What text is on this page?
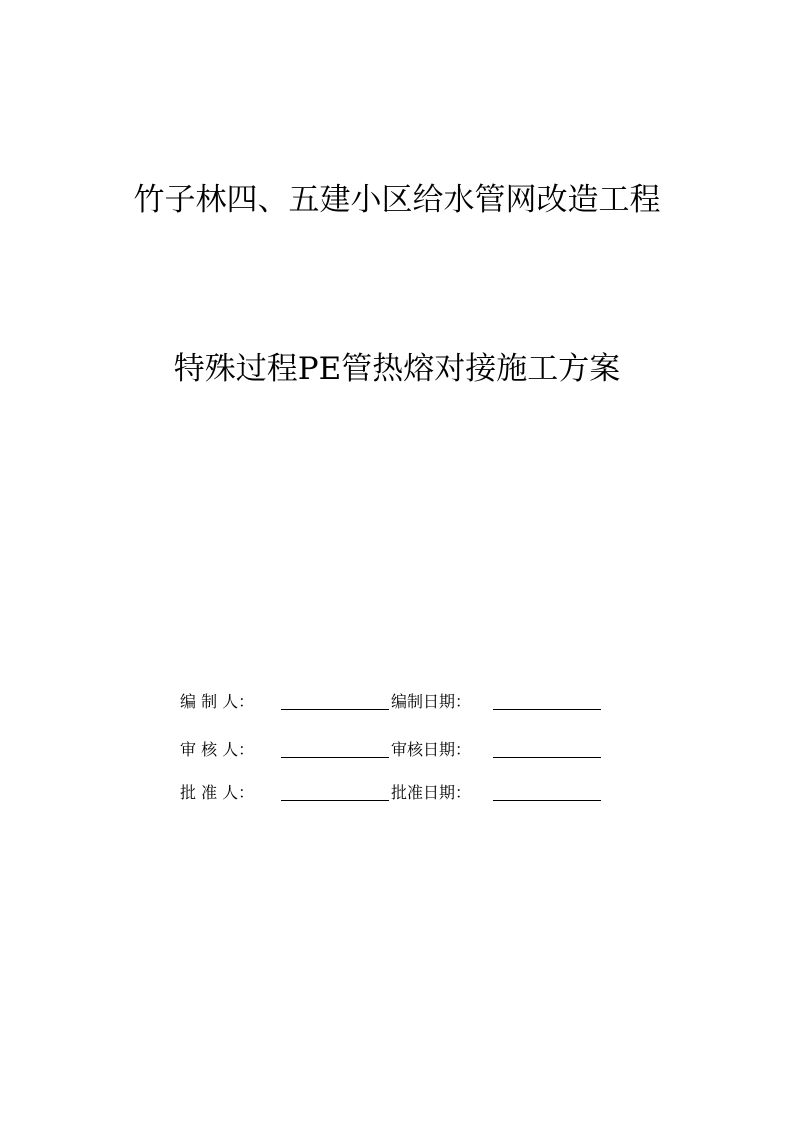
竹子林四、五建小区给水管网改造工程
特殊过程PE管热熔对接施工方案
编 制 人：	编制日期：
审 核 人：	审核日期：
批 准 人：	批准日期：
